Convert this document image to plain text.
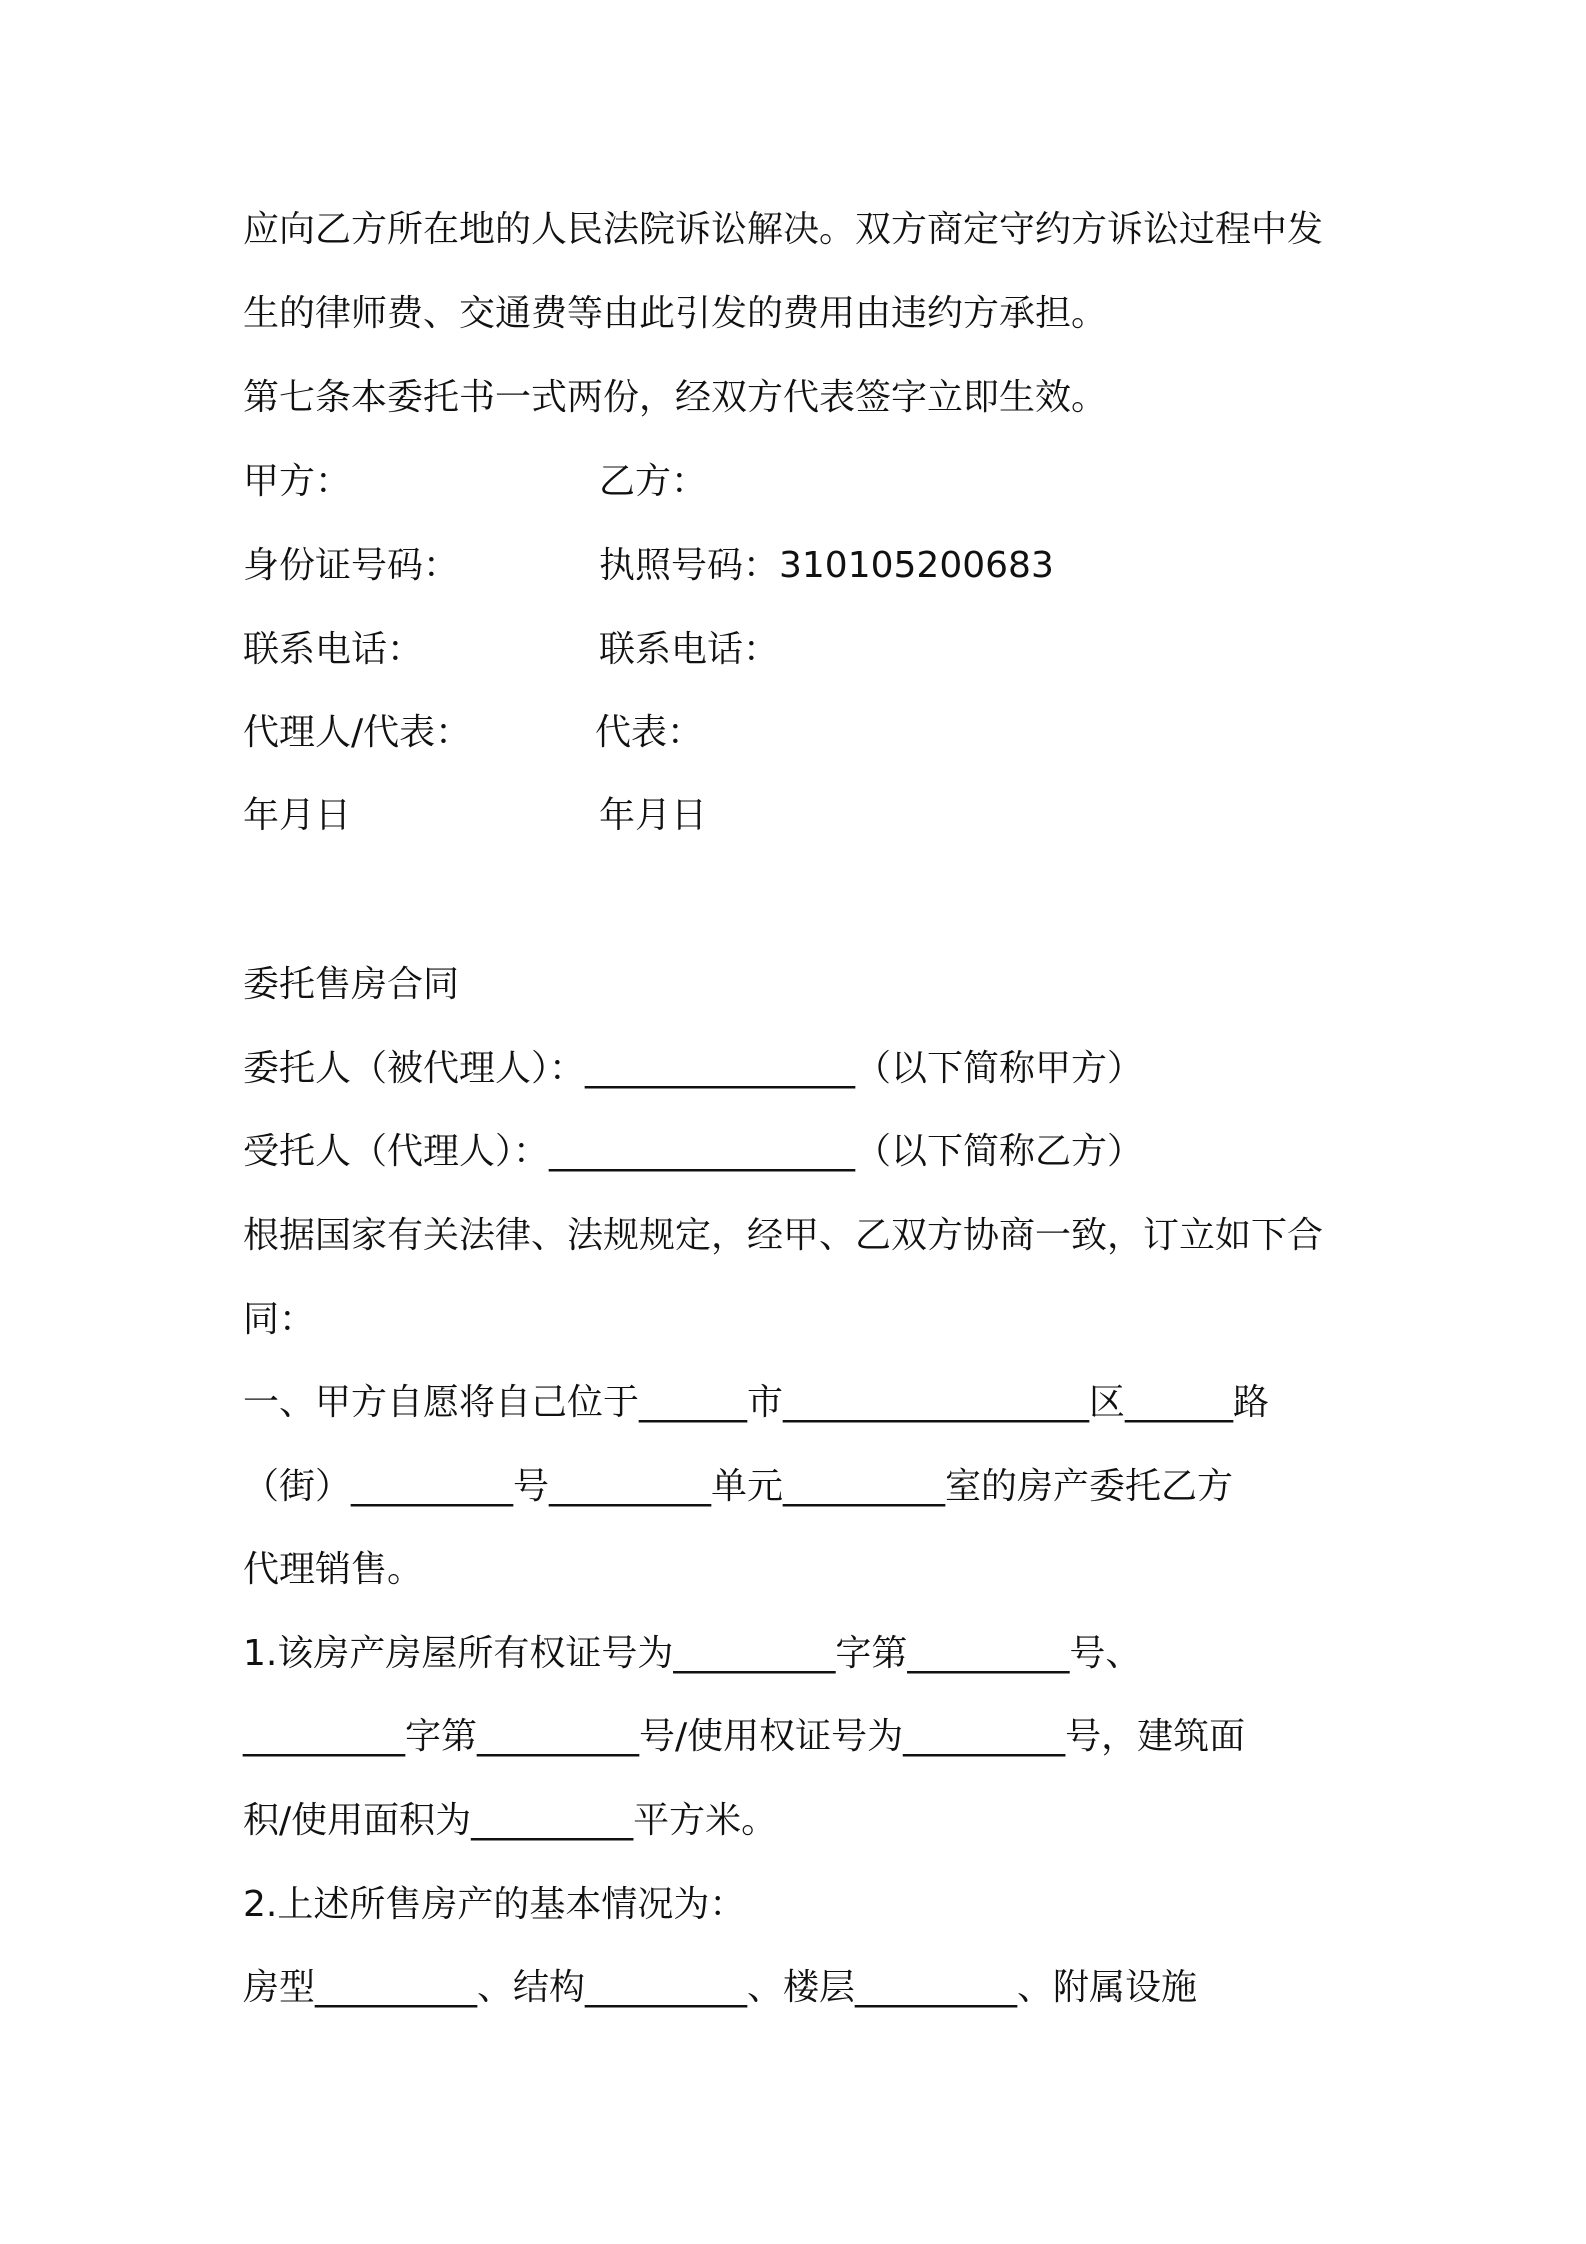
应向乙方所在地的人民法院诉讼解决。双方商定守约方诉讼过程中发
生的律师费、交通费等由此引发的费用由违约方承担。
第七条本委托书一式两份，经双方代表签字立即生效。
甲方：	乙方：
身份证号码：	执照号码：310105200683
联系电话：	联系电话：
代理人/代表：	代表：
年月日	年月日
委托售房合同
委托人（被代理人）：_______________（以下简称甲方）
受托人（代理人）：_________________（以下简称乙方）
根据国家有关法律、法规规定，经甲、乙双方协商一致，订立如下合
同：
一、甲方自愿将自己位于______市_________________区______路
（街）_________号_________单元_________室的房产委托乙方
代理销售。
1.该房产房屋所有权证号为_________字第_________号、
_________字第_________号/使用权证号为_________号，建筑面
积/使用面积为_________平方米。
2.上述所售房产的基本情况为：
房型_________、结构_________、楼层_________、附属设施
